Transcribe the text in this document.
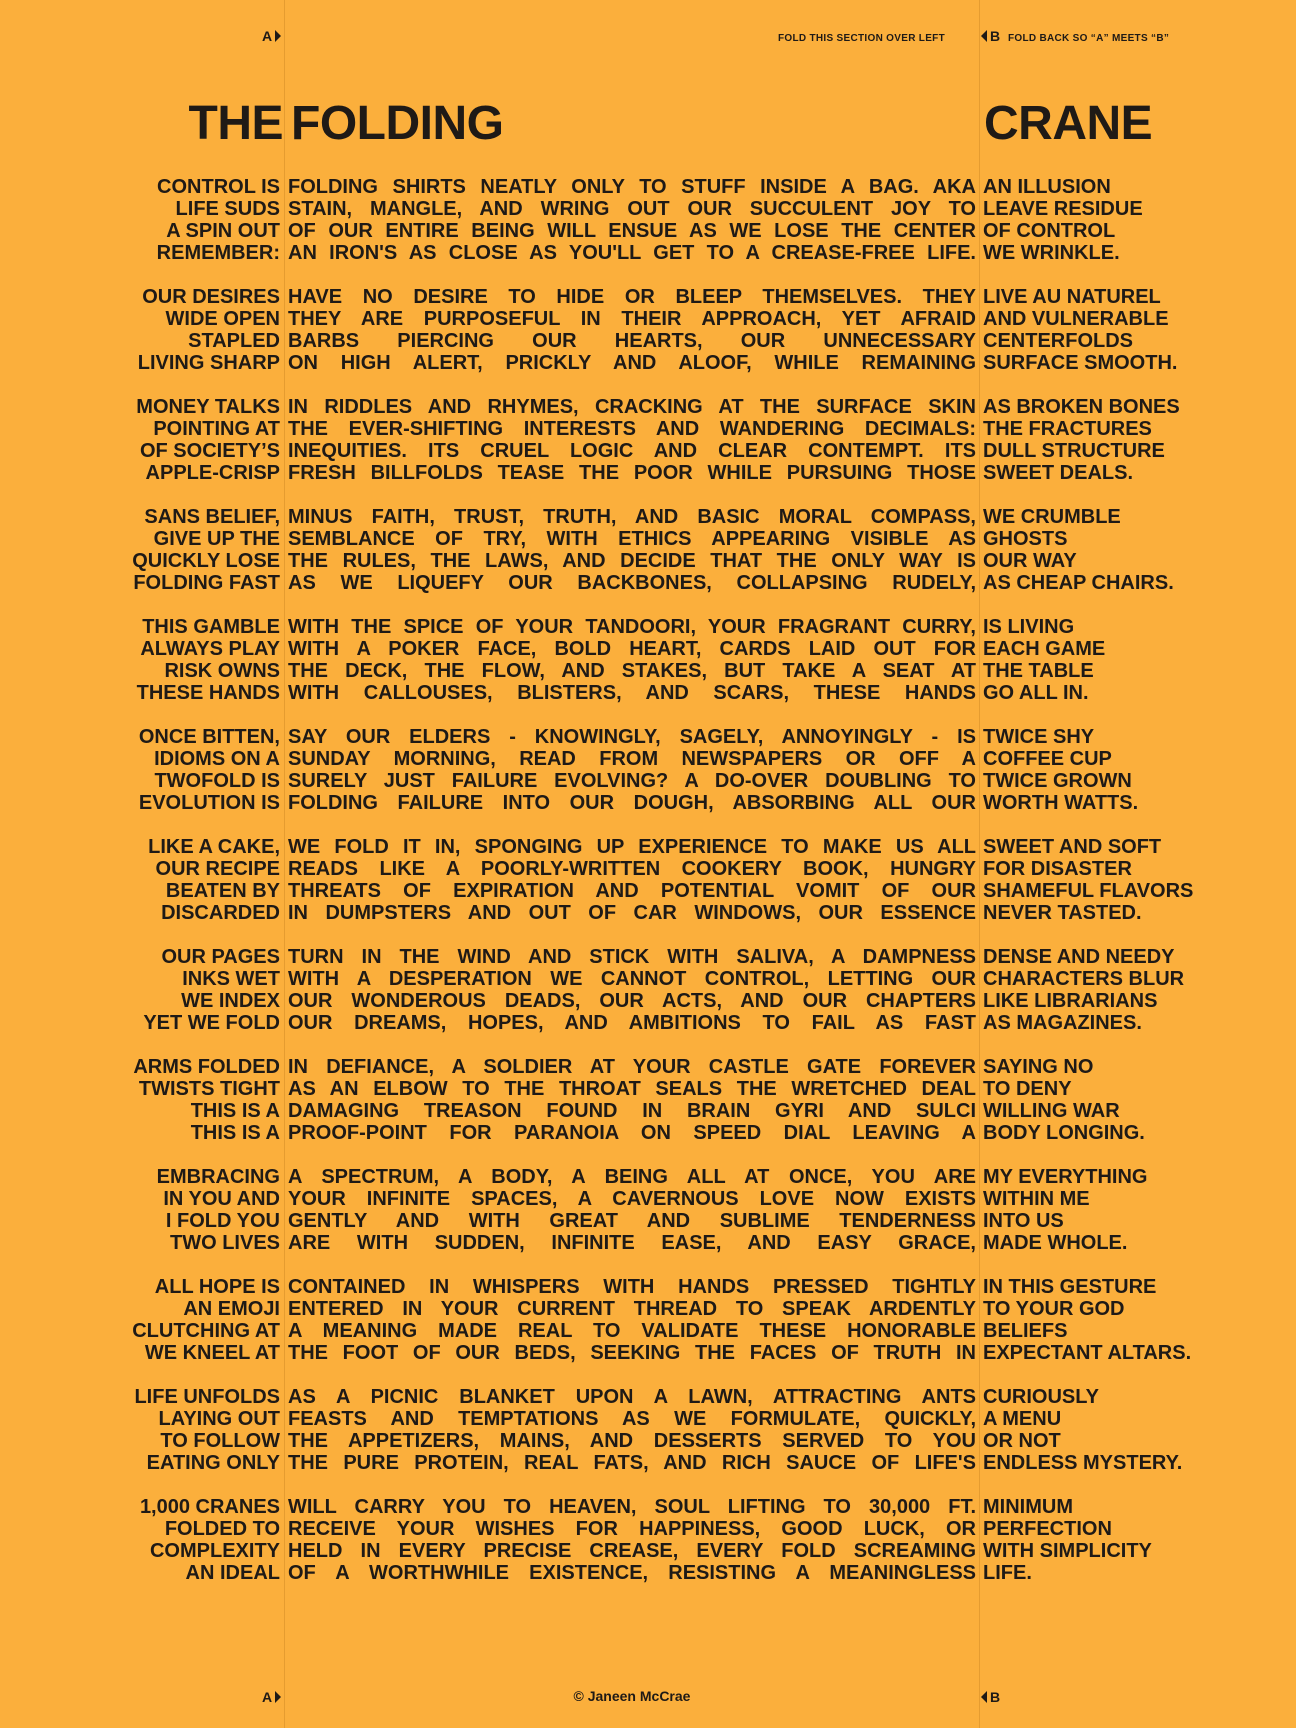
A	FOLD THIS SECTION OVER LEFT	B FOLD BACK SO “A” MEETS “B”
THE FOLDING	CRANE
CONTROL IS
LIFE SUDS
A SPIN OUT
REMEMBER:
OUR DESIRES
WIDE OPEN
STAPLED
LIVING SHARP
MONEY TALKS
POINTING AT
OF SOCIETY’S
APPLE-CRISP
SANS BELIEF,
GIVE UP THE
QUICKLY LOSE
FOLDING FAST
THIS GAMBLE
ALWAYS PLAY
RISK OWNS
THESE HANDS
ONCE BITTEN,
IDIOMS ON A
TWOFOLD IS
EVOLUTION IS
LIKE A CAKE,
OUR RECIPE
BEATEN BY
DISCARDED
OUR PAGES
INKS WET
WE INDEX
YET WE FOLD
ARMS FOLDED
TWISTS TIGHT
THIS IS A
THIS IS A
EMBRACING
IN YOU AND
I FOLD YOU
TWO LIVES
ALL HOPE IS
AN EMOJI
CLUTCHING AT
WE KNEEL AT
LIFE UNFOLDS
LAYING OUT
TO FOLLOW
EATING ONLY
1,000 CRANES
FOLDED TO
COMPLEXITY
AN IDEAL
FOLDING SHIRTS NEATLY ONLY TO STUFF INSIDE A BAG. AKA
STAIN, MANGLE, AND WRING OUT OUR SUCCULENT JOY TO
OF OUR ENTIRE BEING WILL ENSUE AS WE LOSE THE CENTER
AN IRON'S AS CLOSE AS YOU'LL GET TO A CREASE-FREE LIFE.
HAVE NO DESIRE TO HIDE OR BLEEP THEMSELVES. THEY
THEY ARE PURPOSEFUL IN THEIR APPROACH, YET AFRAID
BARBS PIERCING OUR HEARTS, OUR UNNECESSARY
ON HIGH ALERT, PRICKLY AND ALOOF, WHILE REMAINING
IN RIDDLES AND RHYMES, CRACKING AT THE SURFACE SKIN
THE EVER-SHIFTING INTERESTS AND WANDERING DECIMALS:
INEQUITIES. ITS CRUEL LOGIC AND CLEAR CONTEMPT. ITS
FRESH BILLFOLDS TEASE THE POOR WHILE PURSUING THOSE
MINUS FAITH, TRUST, TRUTH, AND BASIC MORAL COMPASS,
SEMBLANCE OF TRY, WITH ETHICS APPEARING VISIBLE AS
THE RULES, THE LAWS, AND DECIDE THAT THE ONLY WAY IS
AS WE LIQUEFY OUR BACKBONES, COLLAPSING RUDELY,
WITH THE SPICE OF YOUR TANDOORI, YOUR FRAGRANT CURRY,
WITH A POKER FACE, BOLD HEART, CARDS LAID OUT FOR
THE DECK, THE FLOW, AND STAKES, BUT TAKE A SEAT AT
WITH CALLOUSES, BLISTERS, AND SCARS, THESE HANDS
SAY OUR ELDERS - KNOWINGLY, SAGELY, ANNOYINGLY - IS
SUNDAY MORNING, READ FROM NEWSPAPERS OR OFF A
SURELY JUST FAILURE EVOLVING? A DO-OVER DOUBLING TO
FOLDING FAILURE INTO OUR DOUGH, ABSORBING ALL OUR
WE FOLD IT IN, SPONGING UP EXPERIENCE TO MAKE US ALL
READS LIKE A POORLY-WRITTEN COOKERY BOOK, HUNGRY
THREATS OF EXPIRATION AND POTENTIAL VOMIT OF OUR
IN DUMPSTERS AND OUT OF CAR WINDOWS, OUR ESSENCE
TURN IN THE WIND AND STICK WITH SALIVA, A DAMPNESS
WITH A DESPERATION WE CANNOT CONTROL, LETTING OUR
OUR WONDEROUS DEADS, OUR ACTS, AND OUR CHAPTERS
OUR DREAMS, HOPES, AND AMBITIONS TO FAIL AS FAST
IN DEFIANCE, A SOLDIER AT YOUR CASTLE GATE FOREVER
AS AN ELBOW TO THE THROAT SEALS THE WRETCHED DEAL
DAMAGING TREASON FOUND IN BRAIN GYRI AND SULCI
PROOF-POINT FOR PARANOIA ON SPEED DIAL LEAVING A
A SPECTRUM, A BODY, A BEING ALL AT ONCE, YOU ARE
YOUR INFINITE SPACES, A CAVERNOUS LOVE NOW EXISTS
GENTLY AND WITH GREAT AND SUBLIME TENDERNESS
ARE WITH SUDDEN, INFINITE EASE, AND EASY GRACE,
CONTAINED IN WHISPERS WITH HANDS PRESSED TIGHTLY
ENTERED IN YOUR CURRENT THREAD TO SPEAK ARDENTLY
A MEANING MADE REAL TO VALIDATE THESE HONORABLE
THE FOOT OF OUR BEDS, SEEKING THE FACES OF TRUTH IN
AS A PICNIC BLANKET UPON A LAWN, ATTRACTING ANTS
FEASTS AND TEMPTATIONS AS WE FORMULATE, QUICKLY,
THE APPETIZERS, MAINS, AND DESSERTS SERVED TO YOU
THE PURE PROTEIN, REAL FATS, AND RICH SAUCE OF LIFE'S
WILL CARRY YOU TO HEAVEN, SOUL LIFTING TO 30,000 FT.
RECEIVE YOUR WISHES FOR HAPPINESS, GOOD LUCK, OR
HELD IN EVERY PRECISE CREASE, EVERY FOLD SCREAMING
OF A WORTHWHILE EXISTENCE, RESISTING A MEANINGLESS
AN ILLUSION
LEAVE RESIDUE
OF CONTROL
WE WRINKLE.
LIVE AU NATUREL
AND VULNERABLE
CENTERFOLDS
SURFACE SMOOTH.
AS BROKEN BONES
THE FRACTURES
DULL STRUCTURE
SWEET DEALS.
WE CRUMBLE
GHOSTS
OUR WAY
AS CHEAP CHAIRS.
IS LIVING
EACH GAME
THE TABLE
GO ALL IN.
TWICE SHY
COFFEE CUP
TWICE GROWN
WORTH WATTS.
SWEET AND SOFT
FOR DISASTER
SHAMEFUL FLAVORS
NEVER TASTED.
DENSE AND NEEDY
CHARACTERS BLUR
LIKE LIBRARIANS
AS MAGAZINES.
SAYING NO
TO DENY
WILLING WAR
BODY LONGING.
MY EVERYTHING
WITHIN ME
INTO US
MADE WHOLE.
IN THIS GESTURE
TO YOUR GOD
BELIEFS
EXPECTANT ALTARS.
CURIOUSLY
A MENU
OR NOT
ENDLESS MYSTERY.
MINIMUM
PERFECTION
WITH SIMPLICITY
LIFE.
A	© Janeen McCrae	B
